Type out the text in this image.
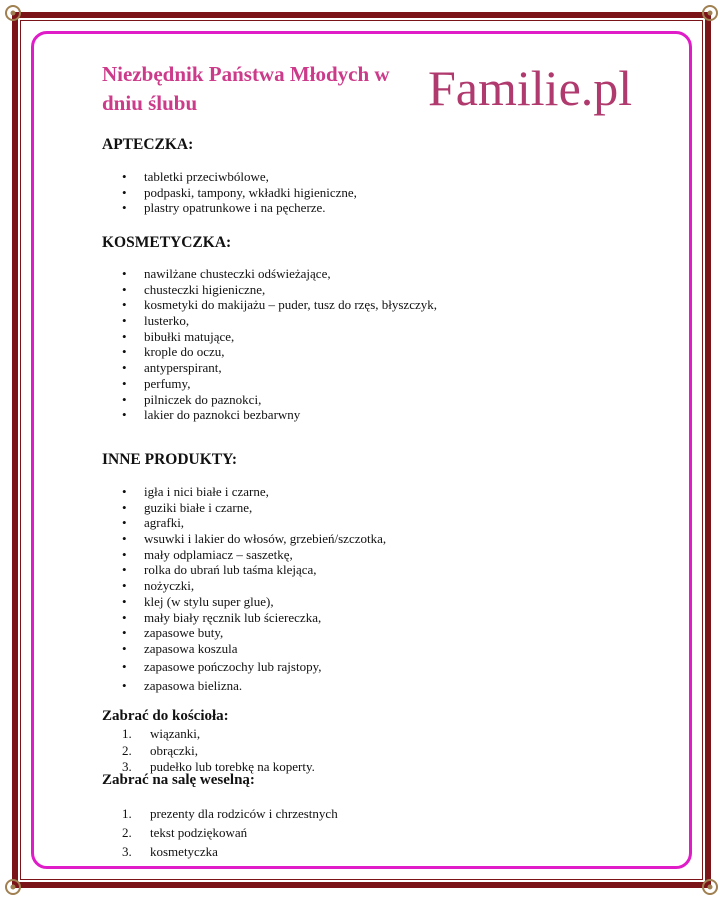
Niezbędnik Państwa Młodych w dniu ślubu	Familie.pl
APTECZKA:
• tabletki przeciwbólowe,
• podpaski, tampony, wkładki higieniczne,
• plastry opatrunkowe i na pęcherze.
KOSMETYCZKA:
• nawilżane chusteczki odświeżające,
• chusteczki higieniczne,
• kosmetyki do makijażu – puder, tusz do rzęs, błyszczyk,
• lusterko,
• bibułki matujące,
• krople do oczu,
• antyperspirant,
• perfumy,
• pilniczek do paznokci,
• lakier do paznokci bezbarwny
INNE PRODUKTY:
• igła i nici białe i czarne,
• guziki białe i czarne,
• agrafki,
• wsuwki i lakier do włosów, grzebień/szczotka,
• mały odplamiacz – saszetkę,
• rolka do ubrań lub taśma klejąca,
• nożyczki,
• klej (w stylu super glue),
• mały biały ręcznik lub ściereczka,
• zapasowe buty,
• zapasowa koszula
• zapasowe pończochy lub rajstopy,
• zapasowa bielizna.
Zabrać do kościoła:
1. wiązanki,
2. obrączki,
3. pudełko lub torebkę na koperty.
Zabrać na salę weselną:
1. prezenty dla rodziców i chrzestnych
2. tekst podziękowań
3. kosmetyczka
